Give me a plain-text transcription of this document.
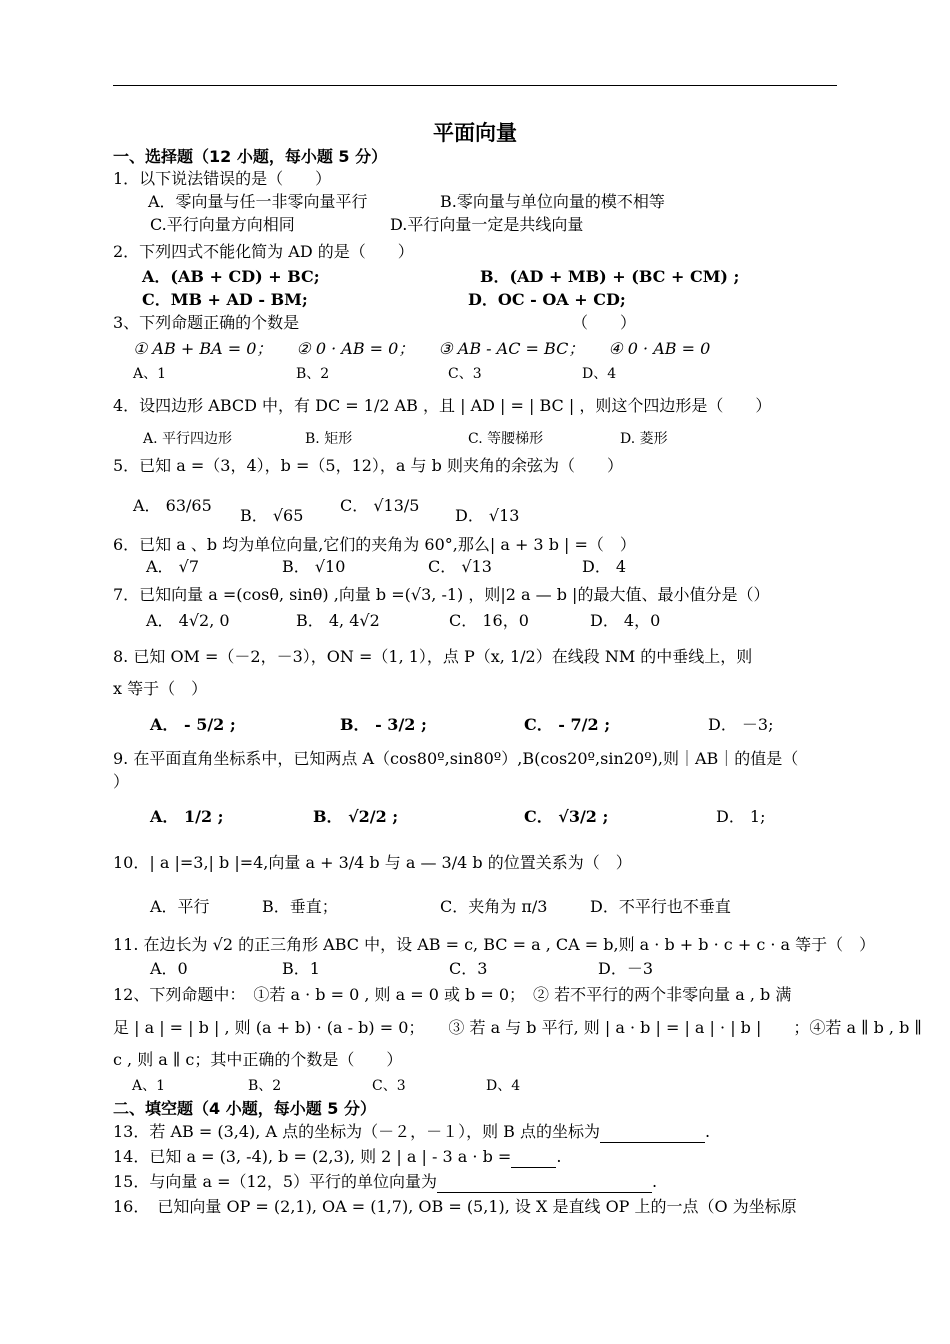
平面向量
一、选择题（12 小题，每小题 5 分）
1．以下说法错误的是（　　）
A．零向量与任一非零向量平行	B.零向量与单位向量的模不相等
C.平行向量方向相同	D.平行向量一定是共线向量
2．下列四式不能化简为 AD 的是（　　）
A．(AB + CD) + BC;	B．(AD + MB) + (BC + CM) ;
C．MB + AD - BM;	D．OC - OA + CD;
3、下列命题正确的个数是	（　　）
① AB + BA = 0；　　② 0 · AB = 0；　　③ AB - AC = BC；　　④ 0 · AB = 0
A、1	B、2	C、3	D、4
4．设四边形 ABCD 中，有 DC = 1/2 AB ，且 | AD | = | BC | ，则这个四边形是（　　）
A. 平行四边形	B. 矩形	C. 等腰梯形	D. 菱形
5．已知 a =（3，4），b =（5，12），a 与 b 则夹角的余弦为（　　）
A． 63/65
B． √65
C． √13/5
D． √13
6．已知 a 、b 均为单位向量,它们的夹角为 60°,那么| a + 3 b | =（　）
A． √7	B． √10	C． √13	D． 4
7．已知向量 a =(cosθ, sinθ) ,向量 b =(√3, -1) ，则|2 a — b |的最大值、最小值分是（）
A． 4√2, 0	B． 4, 4√2	C． 16，0	D． 4，0
8. 已知 OM =（－2，－3），ON =（1, 1），点 P（x, 1/2）在线段 NM 的中垂线上，则
x 等于（　）
A． - 5/2 ;	B． - 3/2 ;	C． - 7/2 ;	D． －3;
9. 在平面直角坐标系中，已知两点 A（cos80º,sin80º）,B(cos20º,sin20º),则｜AB｜的值是（
）
A． 1/2 ;	B． √2/2 ;	C． √3/2 ;	D． 1;
10．| a |=3,| b |=4,向量 a + 3/4 b 与 a — 3/4 b 的位置关系为（　）
A．平行	B．垂直；	C．夹角为 π/3	D．不平行也不垂直
11. 在边长为 √2 的正三角形 ABC 中，设 AB = c, BC = a , CA = b,则 a · b + b · c + c · a 等于（　）
A．0	B．1	C．3	D．－3
12、下列命题中：　①若 a · b = 0 , 则 a = 0 或 b = 0；　② 若不平行的两个非零向量 a , b 满
足 | a | = | b | , 则 (a + b) · (a - b) = 0；　　③ 若 a 与 b 平行, 则 | a · b | = | a | · | b |　　；④若 a ∥ b , b ∥
c , 则 a ∥ c；其中正确的个数是（　　）
A、1	B、2	C、3	D、4
二、填空题（4 小题，每小题 5 分）
13．若 AB = (3,4), A 点的坐标为（－２，－１），则 B 点的坐标为	.
14．已知 a = (3, -4), b = (2,3), 则 2 | a | - 3 a · b =	.
15．与向量 a =（12，5）平行的单位向量为	.
16．　已知向量 OP = (2,1), OA = (1,7), OB = (5,1), 设 X 是直线 OP 上的一点（O 为坐标原
